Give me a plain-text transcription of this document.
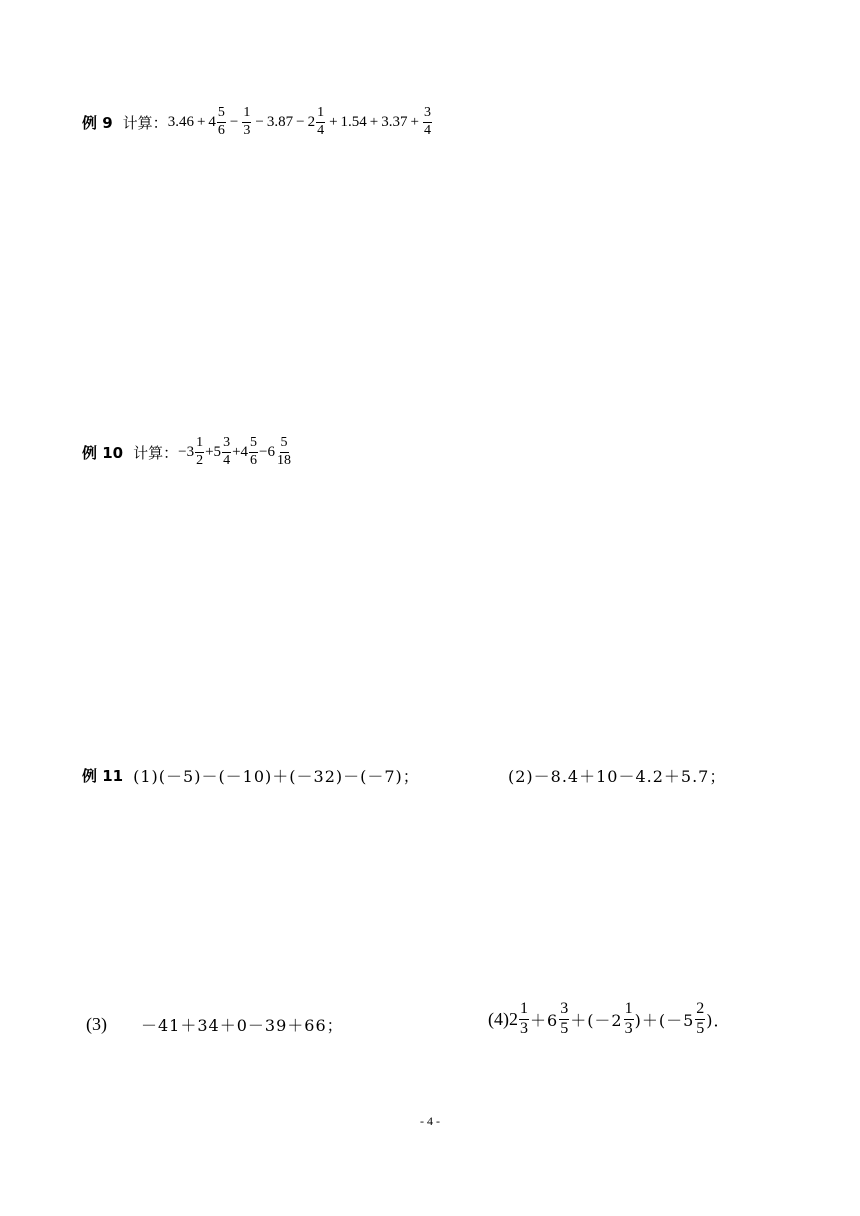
例 9 计算： $3.46 + 4 \frac{5}{6} - \frac{1}{3} - 3.87 - 2 \frac{1}{4} + 1.54 + 3.37 + \frac{3}{4}$
例 10 计算： $-3 \frac{1}{2} +5 \frac{3}{4} +4 \frac{5}{6} -6 \frac{5}{18}$
例 11 (1)(－5)－(－10)＋(－32)－(－7)；	(2)－8.4＋10－4.2＋5.7；
(3) －41＋34＋0－39＋66；	(4) $2 \frac{1}{3} +6 \frac{3}{5} +(-2 \frac{1}{3} )+(-5 \frac{2}{5}$ )．
- 4 -
